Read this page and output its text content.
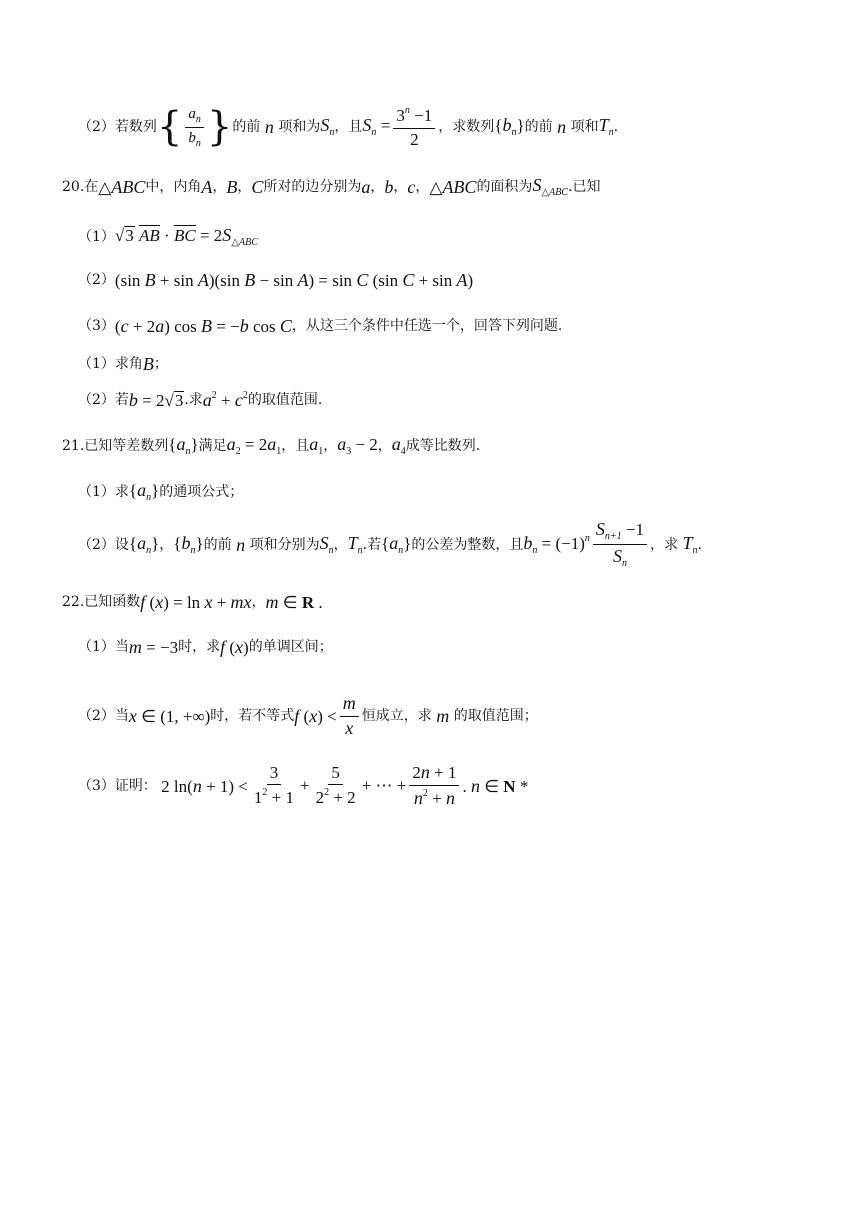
（2）若数列 { $\frac{a_n}{b_n}$ } 的前 n 项和为 $S_n$ ，且 $S_n = \frac{3^n -1}{2}$ ，求数列 $\{b_n\}$ 的前 n 项和 $T_n$ .
20.在 △ABC 中，内角 A ， B ， C 所对的边分别为 a ， b ， c ， △ABC 的面积为 $S_{\triangle ABC}$ .已知
（1） √3 AB · BC = $2S_{\triangle ABC}$
（2） (sin B + sin A)(sin B − sin A) = sin C (sin C + sin A)
（3） (c + 2a) cos B = −b cos C ，从这三个条件中任选一个，回答下列问题.
（1）求角 B ；
（2）若 b = 2√3 .求 $a^2 + c^2$ 的取值范围.
21.已知等差数列 $\{a_n\}$ 满足 $a_2 = 2a_1$ ，且 $a_1$ ， $a_3 - 2$ ， $a_4$ 成等比数列.
（1）求 $\{a_n\}$ 的通项公式；
（2）设 $\{a_n\}$ ， $\{b_n\}$ 的前 n 项和分别为 $S_n$ ， $T_n$ .若 $\{a_n\}$ 的公差为整数，且 $b_n = (-1)^n \frac{S_{n+1} -1}{S_n}$ ，求 $T_n$ .
22.已知函数 f (x) = ln x + mx ， m ∈ R .
（1）当 m = −3 时，求 f (x) 的单调区间；
（2）当 x ∈ (1, +∞) 时，若不等式 f $(x) < \frac{m}{x}$ 恒成立，求 m 的取值范围；
（3）证明： 2 $\ln(n + 1) < \frac{3}{1^2 + 1} + \frac{5}{2^2 + 2}$ + ⋯ + $\frac{2n + 1}{n^2 + n}$ . n ∈ N *
